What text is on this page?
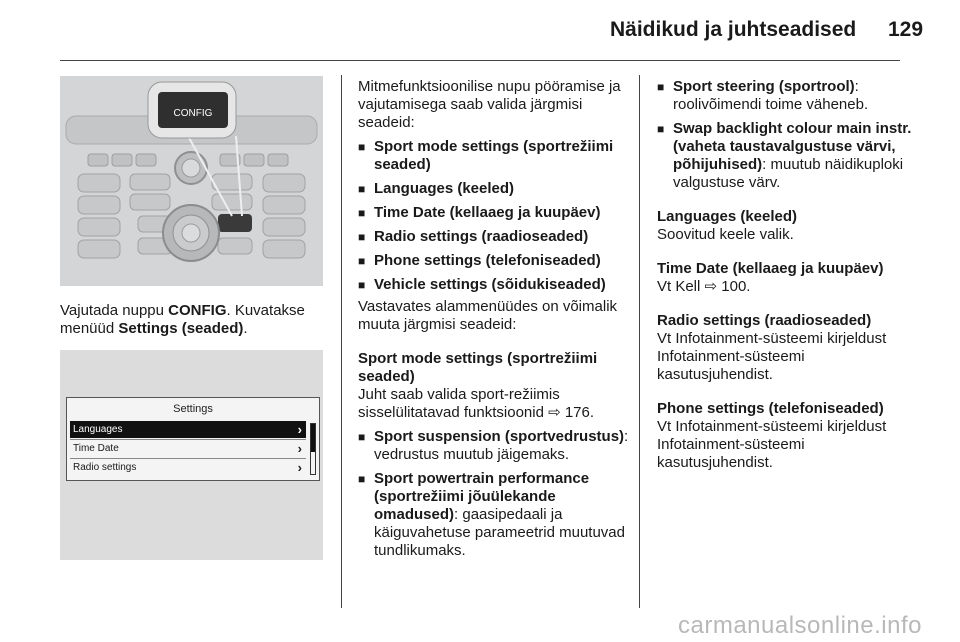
Näidikud ja juhtseadised 129
CONFIG
Vajutada nuppu CONFIG. Kuvatakse menüüd Settings (seaded).
Settings
Languages	›
Time Date	›
Radio settings	›

Mitmefunktsioonilise nupu pööramise ja vajutamisega saab valida järgmisi seadeid:

■ Sport mode settings (sportrežiimi seaded)

■ Languages (keeled)

■ Time Date (kellaaeg ja kuupäev)

■ Radio settings (raadioseaded)

■ Phone settings (telefoniseaded)

■ Vehicle settings (sõidukiseaded)

Vastavates alammenüüdes on võimalik muuta järgmisi seadeid:

Sport mode settings (sportrežiimi seaded)

Juht saab valida sport-režiimis sisselülitatavad funktsioonid ⇨ 176.

■ Sport suspension (sportvedrustus): vedrustus muutub jäigemaks.

■ Sport powertrain performance (sportrežiimi jõuülekande omadused): gaasipedaali ja käiguvahetuse parameetrid muutuvad tundlikumaks.

■ Sport steering (sportrool): roolivõimendi toime väheneb.

■ Swap backlight colour main instr. (vaheta taustavalgustuse värvi, põhijuhised): muutub näidikuploki valgustuse värv.

Languages (keeled)

Soovitud keele valik.

Time Date (kellaaeg ja kuupäev)

Vt Kell ⇨ 100.

Radio settings (raadioseaded)

Vt Infotainment-süsteemi kirjeldust Infotainment-süsteemi kasutusjuhendist.

Phone settings (telefoniseaded)

Vt Infotainment-süsteemi kirjeldust Infotainment-süsteemi kasutusjuhendist.

carmanualsonline.info
